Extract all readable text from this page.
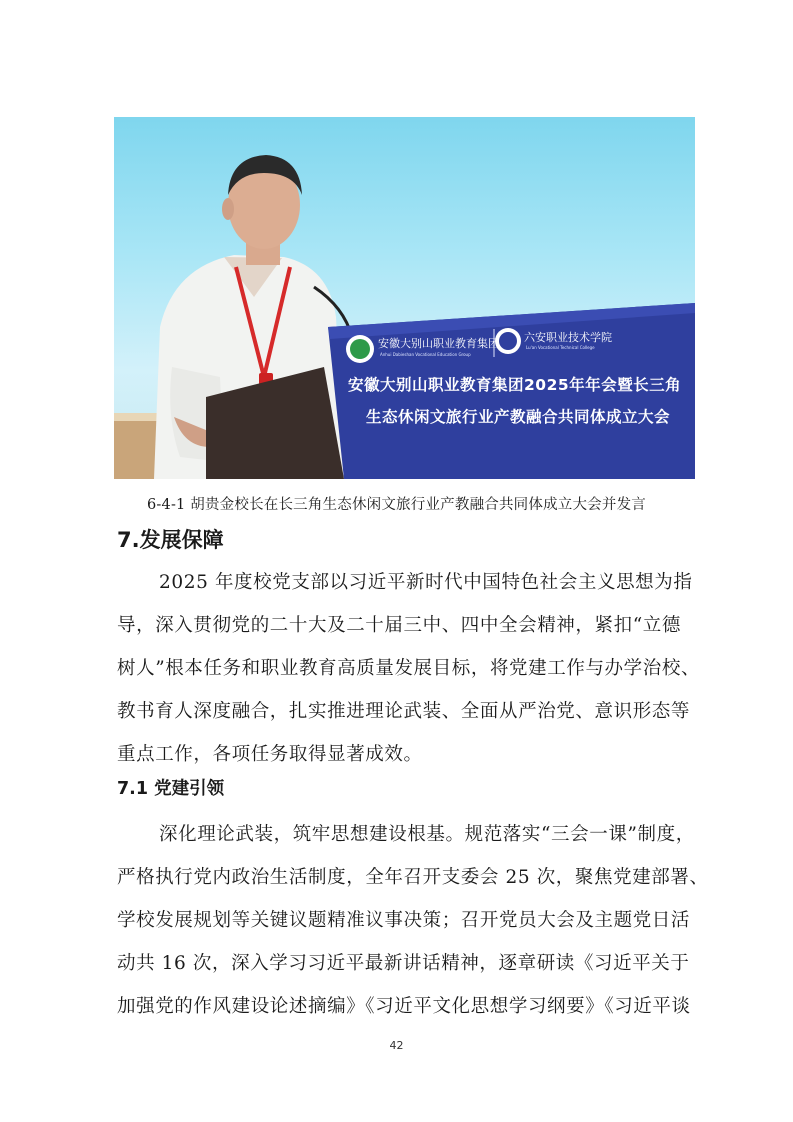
安徽大别山职业教育集团
Anhui Dabieshan Vocational Education Group
六安职业技术学院
Lu'an Vocational Technical College
安徽大别山职业教育集团2025年年会暨长三角
生态休闲文旅行业产教融合共同体成立大会
6-4-1 胡贵金校长在长三角生态休闲文旅行业产教融合共同体成立大会并发言
7.发展保障
2025 年度校党支部以习近平新时代中国特色社会主义思想为指
导，深入贯彻党的二十大及二十届三中、四中全会精神，紧扣“立德
树人”根本任务和职业教育高质量发展目标，将党建工作与办学治校、
教书育人深度融合，扎实推进理论武装、全面从严治党、意识形态等
重点工作，各项任务取得显著成效。
7.1 党建引领
深化理论武装，筑牢思想建设根基。规范落实“三会一课”制度，
严格执行党内政治生活制度，全年召开支委会 25 次，聚焦党建部署、
学校发展规划等关键议题精准议事决策；召开党员大会及主题党日活
动共 16 次，深入学习习近平最新讲话精神，逐章研读《习近平关于
加强党的作风建设论述摘编》《习近平文化思想学习纲要》《习近平谈
42
